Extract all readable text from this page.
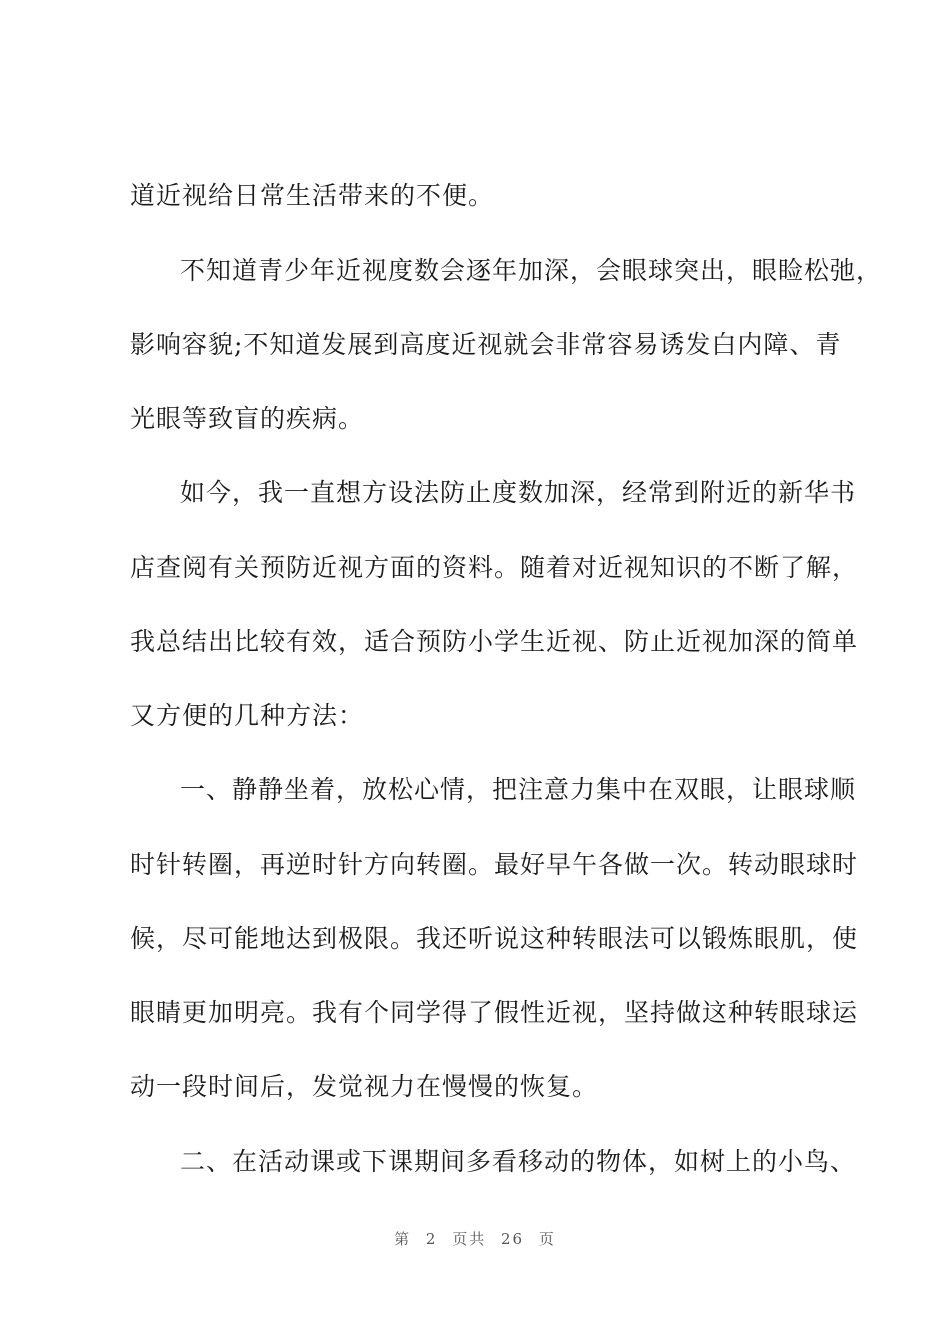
道近视给日常生活带来的不便。
不知道青少年近视度数会逐年加深，会眼球突出，眼睑松弛，
影响容貌;不知道发展到高度近视就会非常容易诱发白内障、青
光眼等致盲的疾病。
如今，我一直想方设法防止度数加深，经常到附近的新华书
店查阅有关预防近视方面的资料。随着对近视知识的不断了解，
我总结出比较有效，适合预防小学生近视、防止近视加深的简单
又方便的几种方法：
一、静静坐着，放松心情，把注意力集中在双眼，让眼球顺
时针转圈，再逆时针方向转圈。最好早午各做一次。转动眼球时
候，尽可能地达到极限。我还听说这种转眼法可以锻炼眼肌，使
眼睛更加明亮。我有个同学得了假性近视，坚持做这种转眼球运
动一段时间后，发觉视力在慢慢的恢复。
二、在活动课或下课期间多看移动的物体，如树上的小鸟、
第 2 页共 26 页
